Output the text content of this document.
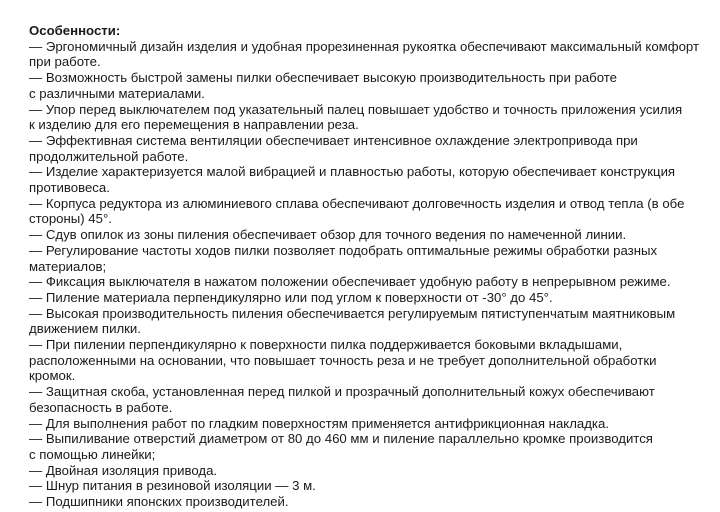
Особенности:
— Эргономичный дизайн изделия и удобная прорезиненная рукоятка обеспечивают максимальный комфорт
при работе.
— Возможность быстрой замены пилки обеспечивает высокую производительность при работе
с различными материалами.
— Упор перед выключателем под указательный палец повышает удобство и точность приложения усилия
к изделию для его перемещения в направлении реза.
— Эффективная система вентиляции обеспечивает интенсивное охлаждение электропривода при
продолжительной работе.
— Изделие характеризуется малой вибрацией и плавностью работы, которую обеспечивает конструкция
противовеса.
— Корпуса редуктора из алюминиевого сплава обеспечивают долговечность изделия и отвод тепла (в обе
стороны) 45°.
— Сдув опилок из зоны пиления обеспечивает обзор для точного ведения по намеченной линии.
— Регулирование частоты ходов пилки позволяет подобрать оптимальные режимы обработки разных
материалов;
— Фиксация выключателя в нажатом положении обеспечивает удобную работу в непрерывном режиме.
— Пиление материала перпендикулярно или под углом к поверхности от -30° до 45°.
— Высокая производительность пиления обеспечивается регулируемым пятиступенчатым маятниковым
движением пилки.
— При пилении перпендикулярно к поверхности пилка поддерживается боковыми вкладышами,
расположенными на основании, что повышает точность реза и не требует дополнительной обработки
кромок.
— Защитная скоба, установленная перед пилкой и прозрачный дополнительный кожух обеспечивают
безопасность в работе.
— Для выполнения работ по гладким поверхностям применяется антифрикционная накладка.
— Выпиливание отверстий диаметром от 80 до 460 мм и пиление параллельно кромке производится
с помощью линейки;
— Двойная изоляция привода.
— Шнур питания в резиновой изоляции — 3 м.
— Подшипники японских производителей.
